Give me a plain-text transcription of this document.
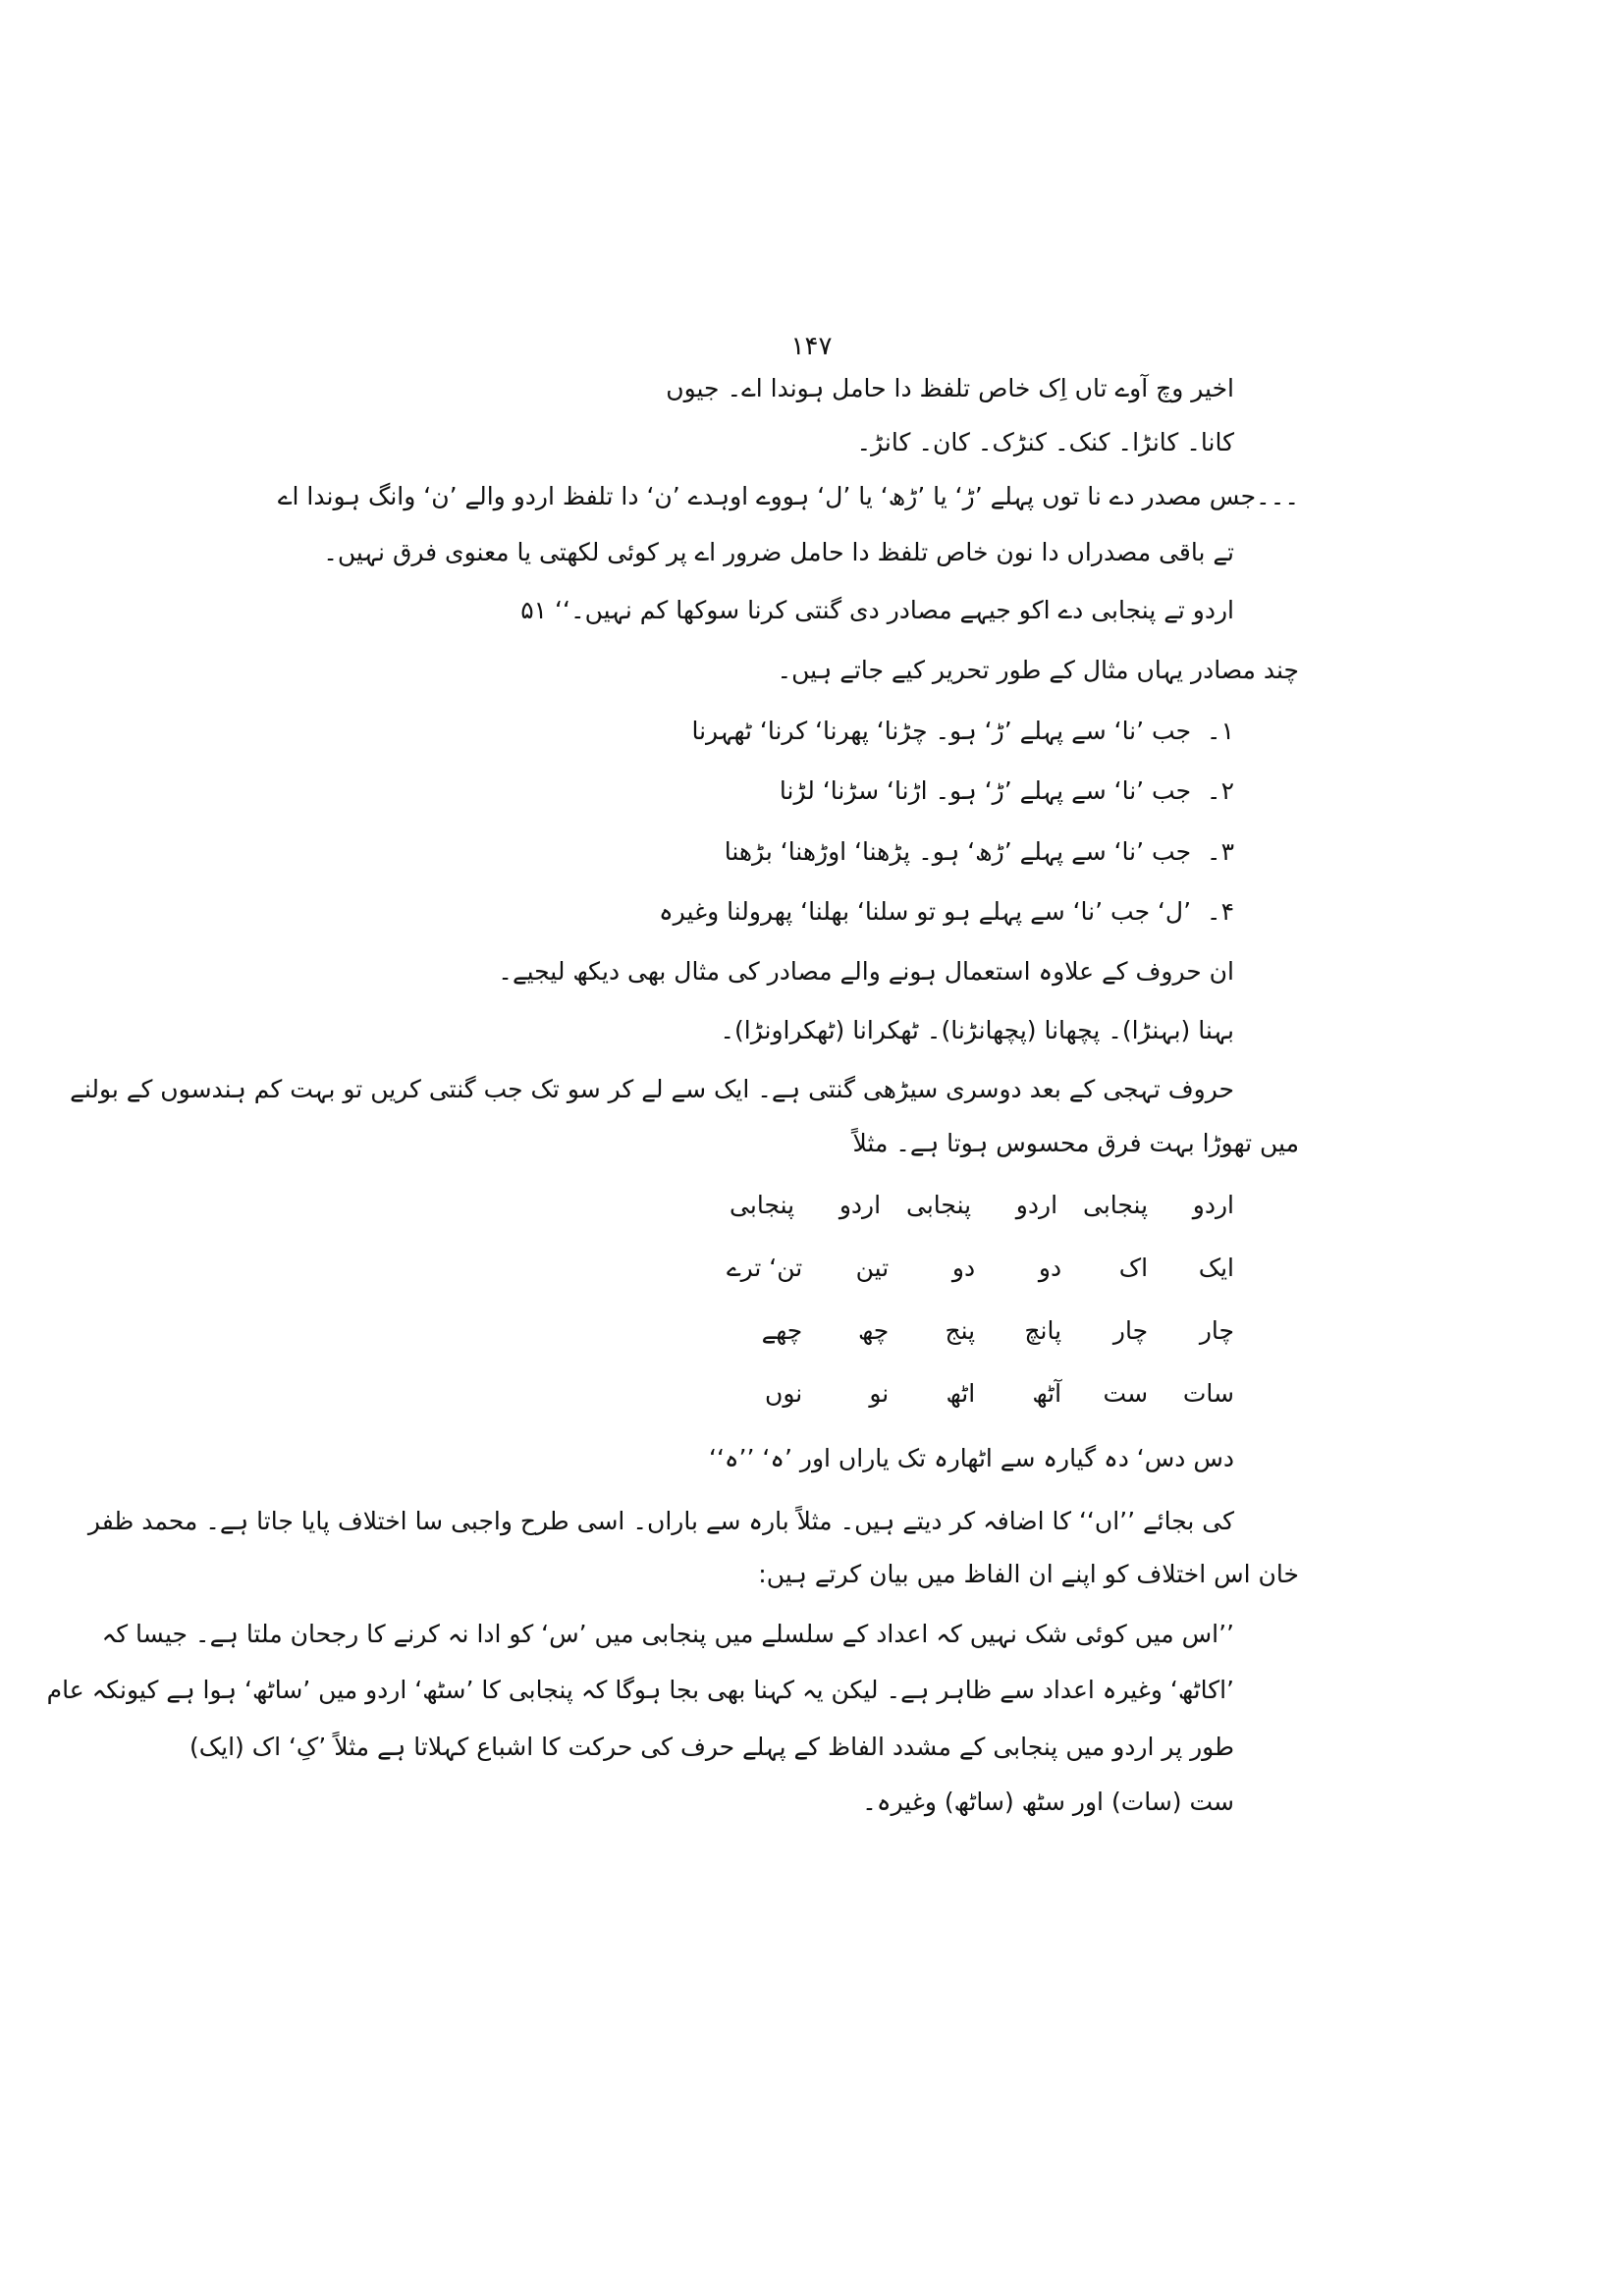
۱۴۷
اخیر وچ آوے تاں اِک خاص تلفظ دا حامل ہوندا اے۔ جیوں
کانا۔ کانڑا۔ کنک۔ کنڑک۔ کان۔ کانڑ۔
۔۔۔جس مصدر دے نا توں پہلے ’ڑ‘ یا ’ڑھ‘ یا ’ل‘ ہووے اوہدے ’ن‘ دا تلفظ اردو والے ’ن‘ وانگ ہوندا اے
تے باقی مصدراں دا نون خاص تلفظ دا حامل ضرور اے پر کوئی لکھتی یا معنوی فرق نہیں۔
اردو تے پنجابی دے اکو جیہے مصادر دی گنتی کرنا سوکھا کم نہیں۔‘‘ ۵۱
چند مصادر یہاں مثال کے طور تحریر کیے جاتے ہیں۔
۱۔ جب ’نا‘ سے پہلے ’ڑ‘ ہو۔ چڑنا‘ پھرنا‘ کرنا‘ ٹھہرنا
۲۔ جب ’نا‘ سے پہلے ’ڑ‘ ہو۔ اڑنا‘ سڑنا‘ لڑنا
۳۔ جب ’نا‘ سے پہلے ’ڑھ‘ ہو۔ پڑھنا‘ اوڑھنا‘ بڑھنا
۴۔ ’ل‘ جب ’نا‘ سے پہلے ہو تو سلنا‘ بھلنا‘ پھرولنا وغیرہ
ان حروف کے علاوہ استعمال ہونے والے مصادر کی مثال بھی دیکھ لیجیے۔
بہنا (بہنڑا)۔ پچھانا (پچھانڑنا)۔ ٹھکرانا (ٹھکراونڑا)۔
حروف تہجی کے بعد دوسری سیڑھی گنتی ہے۔ ایک سے لے کر سو تک جب گنتی کریں تو بہت کم ہندسوں کے بولنے
میں تھوڑا بہت فرق محسوس ہوتا ہے۔ مثلاً
اردو پنجابی اردو پنجابی اردو پنجابی
ایک اک دو دو تین تن‘ ترے
چار چار پانچ پنج چھ چھے
سات ست آٹھ اٹھ نو نوں
دس دس‘ دہ گیارہ سے اٹھارہ تک یاراں اور ’ہ‘ ’’ہ‘‘
کی بجائے ’’اں‘‘ کا اضافہ کر دیتے ہیں۔ مثلاً بارہ سے باراں۔ اسی طرح واجبی سا اختلاف پایا جاتا ہے۔ محمد ظفر
خان اس اختلاف کو اپنے ان الفاظ میں بیان کرتے ہیں:
’’اس میں کوئی شک نہیں کہ اعداد کے سلسلے میں پنجابی میں ’س‘ کو ادا نہ کرنے کا رجحان ملتا ہے۔ جیسا کہ
’اکاٹھ‘ وغیرہ اعداد سے ظاہر ہے۔ لیکن یہ کہنا بھی بجا ہوگا کہ پنجابی کا ’سٹھ‘ اردو میں ’ساٹھ‘ ہوا ہے کیونکہ عام
طور پر اردو میں پنجابی کے مشدد الفاظ کے پہلے حرف کی حرکت کا اشباع کہلاتا ہے مثلاً ’کِ‘ اک (ایک)
ست (سات) اور سٹھ (ساٹھ) وغیرہ۔
